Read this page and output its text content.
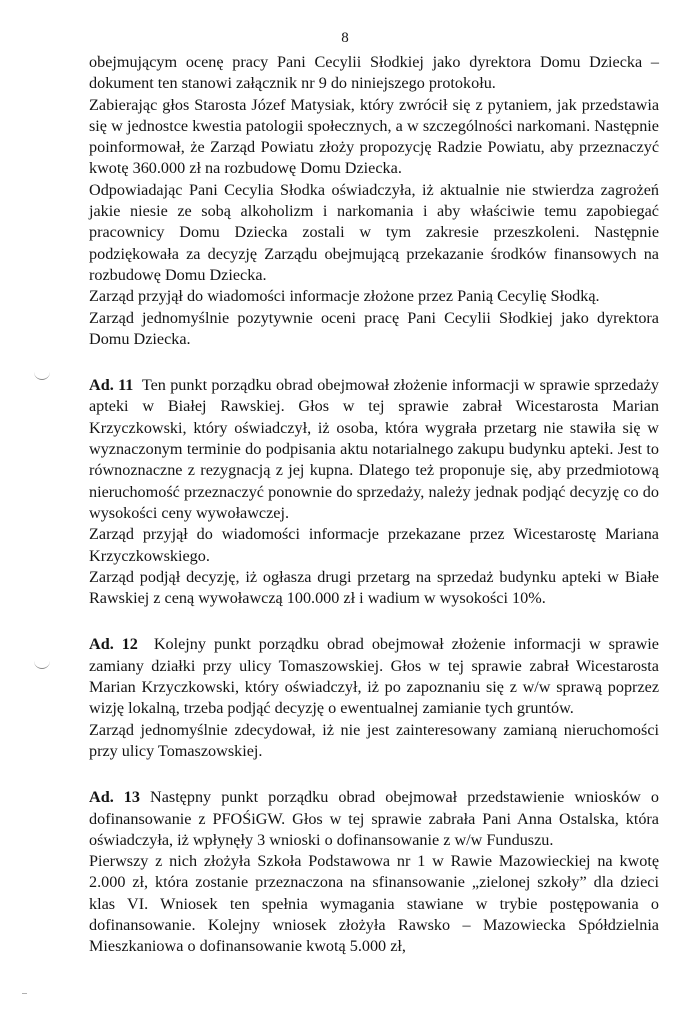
8

obejmującym ocenę pracy Pani Cecylii Słodkiej jako dyrektora Domu Dziecka – dokument ten stanowi załącznik nr 9 do niniejszego protokołu.

Zabierając głos Starosta Józef Matysiak, który zwrócił się z pytaniem, jak przedstawia się w jednostce kwestia patologii społecznych, a w szczególności narkomani. Następnie poinformował, że Zarząd Powiatu złoży propozycję Radzie Powiatu, aby przeznaczyć kwotę 360.000 zł na rozbudowę Domu Dziecka.

Odpowiadając Pani Cecylia Słodka oświadczyła, iż aktualnie nie stwierdza zagrożeń jakie niesie ze sobą alkoholizm i narkomania i aby właściwie temu zapobiegać pracownicy Domu Dziecka zostali w tym zakresie przeszkoleni. Następnie podziękowała za decyzję Zarządu obejmującą przekazanie środków finansowych na rozbudowę Domu Dziecka.

Zarząd przyjął do wiadomości informacje złożone przez Panią Cecylię Słodką.

Zarząd jednomyślnie pozytywnie oceni pracę Pani Cecylii Słodkiej jako dyrektora Domu Dziecka.

Ad. 11 Ten punkt porządku obrad obejmował złożenie informacji w sprawie sprzedaży apteki w Białej Rawskiej. Głos w tej sprawie zabrał Wicestarosta Marian Krzyczkowski, który oświadczył, iż osoba, która wygrała przetarg nie stawiła się w wyznaczonym terminie do podpisania aktu notarialnego zakupu budynku apteki. Jest to równoznaczne z rezygnacją z jej kupna. Dlatego też proponuje się, aby przedmiotową nieruchomość przeznaczyć ponownie do sprzedaży, należy jednak podjąć decyzję co do wysokości ceny wywoławczej.

Zarząd przyjął do wiadomości informacje przekazane przez Wicestarostę Mariana Krzyczkowskiego.

Zarząd podjął decyzję, iż ogłasza drugi przetarg na sprzedaż budynku apteki w Białe Rawskiej z ceną wywoławczą 100.000 zł i wadium w wysokości 10%.

Ad. 12 Kolejny punkt porządku obrad obejmował złożenie informacji w sprawie zamiany działki przy ulicy Tomaszowskiej. Głos w tej sprawie zabrał Wicestarosta Marian Krzyczkowski, który oświadczył, iż po zapoznaniu się z w/w sprawą poprzez wizję lokalną, trzeba podjąć decyzję o ewentualnej zamianie tych gruntów.

Zarząd jednomyślnie zdecydował, iż nie jest zainteresowany zamianą nieruchomości przy ulicy Tomaszowskiej.

Ad. 13 Następny punkt porządku obrad obejmował przedstawienie wniosków o dofinansowanie z PFOŚiGW. Głos w tej sprawie zabrała Pani Anna Ostalska, która oświadczyła, iż wpłynęły 3 wnioski o dofinansowanie z w/w Funduszu.

Pierwszy z nich złożyła Szkoła Podstawowa nr 1 w Rawie Mazowieckiej na kwotę 2.000 zł, która zostanie przeznaczona na sfinansowanie „zielonej szkoły” dla dzieci klas VI. Wniosek ten spełnia wymagania stawiane w trybie postępowania o dofinansowanie. Kolejny wniosek złożyła Rawsko – Mazowiecka Spółdzielnia Mieszkaniowa o dofinansowanie kwotą 5.000 zł,
